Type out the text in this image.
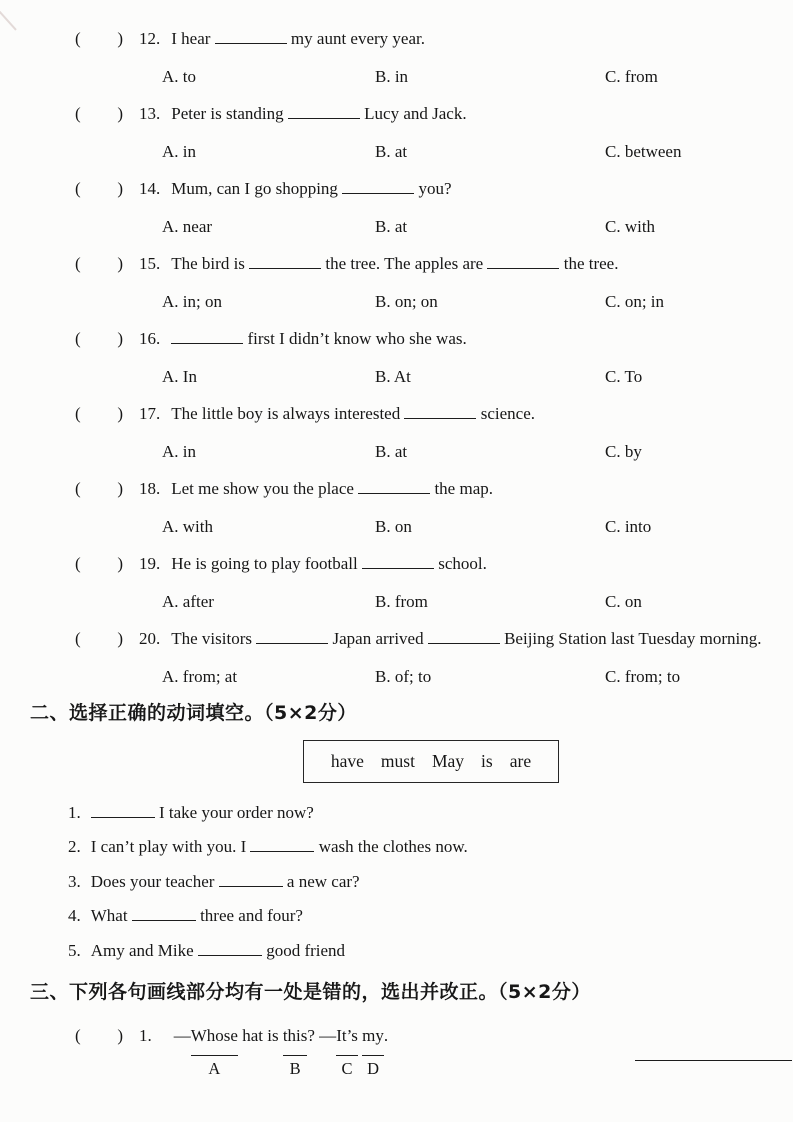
( ) 12. I hear	my aunt every year.
A. to	B. in	C. from
( ) 13. Peter is standing	Lucy and Jack.
A. in	B. at	C. between
( ) 14. Mum, can I go shopping	you?
A. near	B. at	C. with
( ) 15. The bird is	the tree. The apples are	the tree.
A. in; on	B. on; on	C. on; in
( ) 16.	first I didn’t know who she was.
A. In	B. At	C. To
( ) 17. The little boy is always interested	science.
A. in	B. at	C. by
( ) 18. Let me show you the place	the map.
A. with	B. on	C. into
( ) 19. He is going to play football	school.
A. after	B. from	C. on
( ) 20. The visitors	Japan arrived	Beijing Station last Tuesday morning.
A. from; at	B. of; to	C. from; to
二、选择正确的动词填空。（5×2分）
have must May is are
1.	I take your order now?
2. I can’t play with you. I	wash the clothes now.
3. Does your teacher	a new car?
4. What	three and four?
5. Amy and Mike	good friend
三、下列各句画线部分均有一处是错的，选出并改正。（5×2分）
( ) 1. —Whose
A
hat is this
B
? —It’s
C
my
D
.
